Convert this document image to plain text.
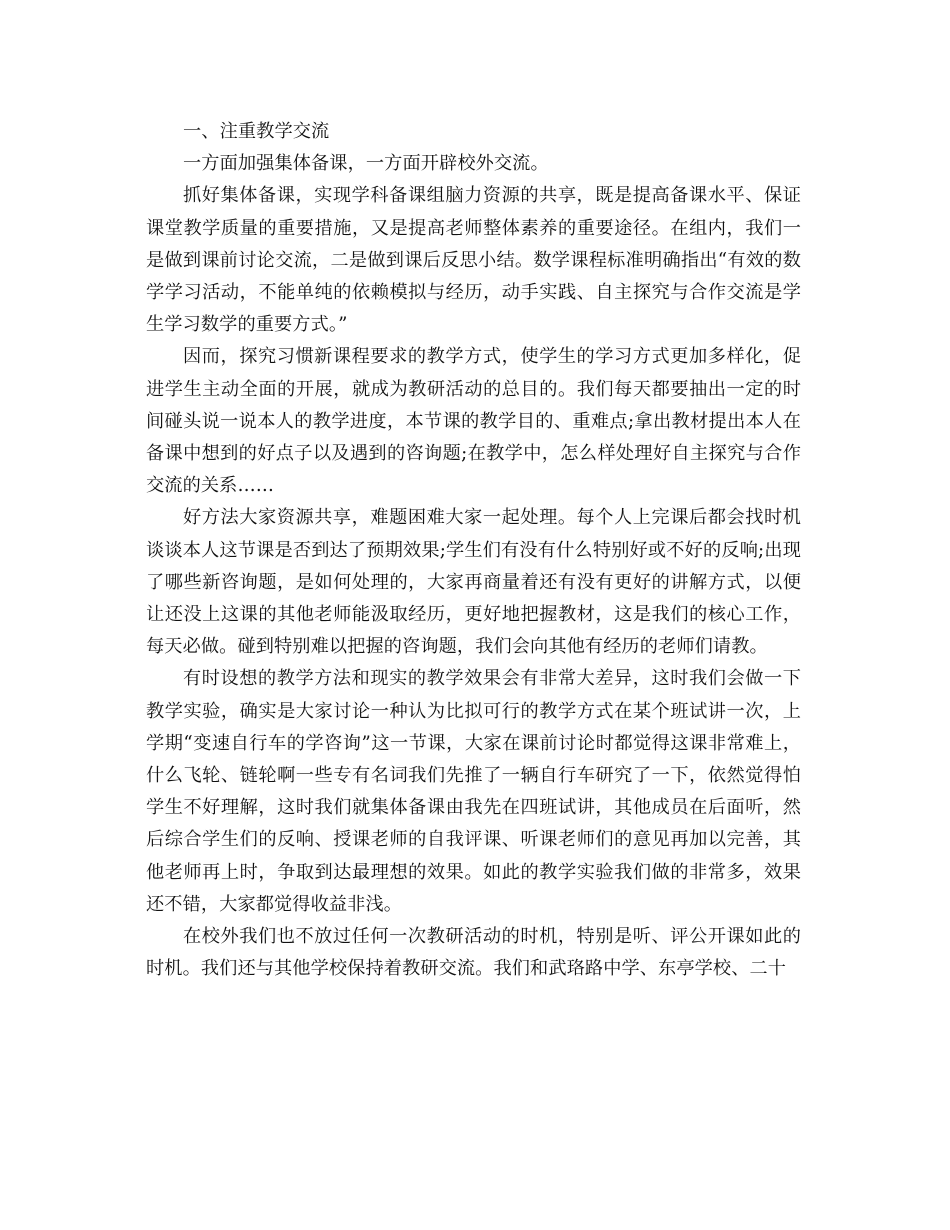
一、注重教学交流

一方面加强集体备课，一方面开辟校外交流。

抓好集体备课，实现学科备课组脑力资源的共享，既是提高备课水平、保证课堂教学质量的重要措施，又是提高老师整体素养的重要途径。在组内，我们一是做到课前讨论交流，二是做到课后反思小结。数学课程标准明确指出“有效的数学学习活动，不能单纯的依赖模拟与经历，动手实践、自主探究与合作交流是学生学习数学的重要方式。”

因而，探究习惯新课程要求的教学方式，使学生的学习方式更加多样化，促进学生主动全面的开展，就成为教研活动的总目的。我们每天都要抽出一定的时间碰头说一说本人的教学进度，本节课的教学目的、重难点;拿出教材提出本人在备课中想到的好点子以及遇到的咨询题;在教学中，怎么样处理好自主探究与合作交流的关系……

好方法大家资源共享，难题困难大家一起处理。每个人上完课后都会找时机谈谈本人这节课是否到达了预期效果;学生们有没有什么特别好或不好的反响;出现了哪些新咨询题，是如何处理的，大家再商量着还有没有更好的讲解方式，以便让还没上这课的其他老师能汲取经历，更好地把握教材，这是我们的核心工作，每天必做。碰到特别难以把握的咨询题，我们会向其他有经历的老师们请教。

有时设想的教学方法和现实的教学效果会有非常大差异，这时我们会做一下教学实验，确实是大家讨论一种认为比拟可行的教学方式在某个班试讲一次，上学期“变速自行车的学咨询”这一节课，大家在课前讨论时都觉得这课非常难上，什么飞轮、链轮啊一些专有名词我们先推了一辆自行车研究了一下，依然觉得怕学生不好理解，这时我们就集体备课由我先在四班试讲，其他成员在后面听，然后综合学生们的反响、授课老师的自我评课、听课老师们的意见再加以完善，其他老师再上时，争取到达最理想的效果。如此的教学实验我们做的非常多，效果还不错，大家都觉得收益非浅。

在校外我们也不放过任何一次教研活动的时机，特别是听、评公开课如此的时机。我们还与其他学校保持着教研交流。我们和武珞路中学、东亭学校、二十
